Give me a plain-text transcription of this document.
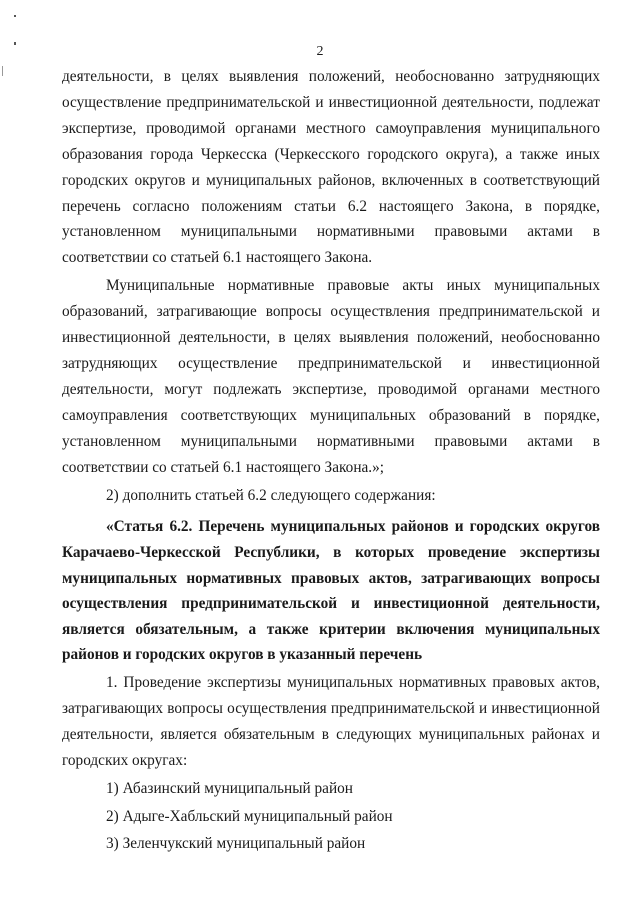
2

деятельности, в целях выявления положений, необоснованно затрудняющих осуществление предпринимательской и инвестиционной деятельности, подлежат экспертизе, проводимой органами местного самоуправления муниципального образования города Черкесска (Черкесского городского округа), а также иных городских округов и муниципальных районов, включенных в соответствующий перечень согласно положениям статьи 6.2 настоящего Закона, в порядке, установленном муниципальными нормативными правовыми актами в соответствии со статьей 6.1 настоящего Закона.

Муниципальные нормативные правовые акты иных муниципальных образований, затрагивающие вопросы осуществления предпринимательской и инвестиционной деятельности, в целях выявления положений, необоснованно затрудняющих осуществление предпринимательской и инвестиционной деятельности, могут подлежать экспертизе, проводимой органами местного самоуправления соответствующих муниципальных образований в порядке, установленном муниципальными нормативными правовыми актами в соответствии со статьей 6.1 настоящего Закона.»;

2) дополнить статьей 6.2 следующего содержания:

«Статья 6.2. Перечень муниципальных районов и городских округов Карачаево-Черкесской Республики, в которых проведение экспертизы муниципальных нормативных правовых актов, затрагивающих вопросы осуществления предпринимательской и инвестиционной деятельности, является обязательным, а также критерии включения муниципальных районов и городских округов в указанный перечень

1. Проведение экспертизы муниципальных нормативных правовых актов, затрагивающих вопросы осуществления предпринимательской и инвестиционной деятельности, является обязательным в следующих муниципальных районах и городских округах:

1) Абазинский муниципальный район

2) Адыге-Хабльский муниципальный район

3) Зеленчукский муниципальный район
